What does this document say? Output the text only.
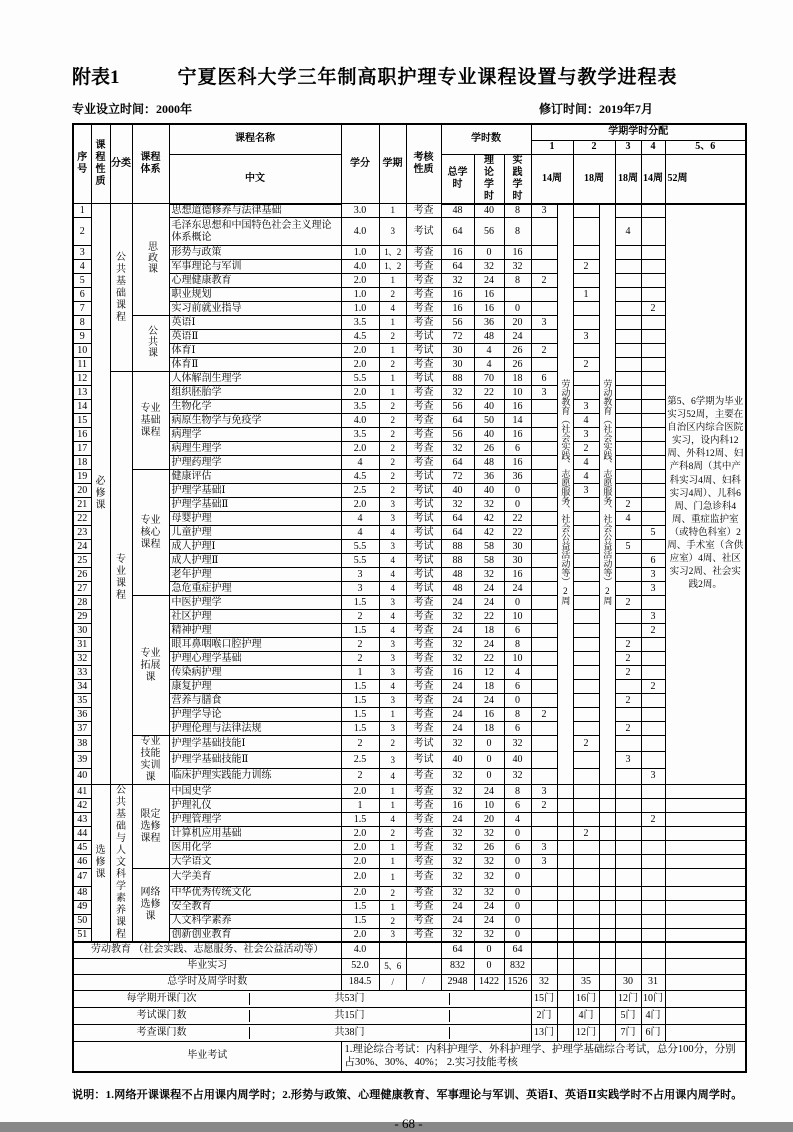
附表1	宁夏医科大学三年制高职护理专业课程设置与教学进程表
专业设立时间：2000年	修订时间：2019年7月
序号	课程性质	分类	课程体系	课程名称	学分	学期	考核性质	学时数			学期学时分配						
											1		2		3	4	5、6
				中文				总学时	理论学时	实践学时	14周		18周		18周	14周	52周
1	必修课	公共基础课程	思政课	思想道德修养与法律基础	3.0	1	考查	48	40	8	3	劳动教育（社会实践、志愿服务、社会公益活动等）2周		劳动教育（社会实践、志愿服务、社会公益活动等）2周			第5、6学期为毕业实习52周，主要在自治区内综合医院实习，设内科12周、外科12周、妇产科8周（其中产科实习4周、妇科实习4周）、儿科6周、门急诊科4周、重症监护室（或特色科室）2周、手术室（含供应室）4周、社区实习2周、社会实践2周。
2				毛泽东思想和中国特色社会主义理论体系概论	4.0	3	考试	64	56	8					4		
3				形势与政策	1.0	1、2	考查	16	0	16							
4				军事理论与军训	4.0	1、2	考查	64	32	32			2				
5				心理健康教育	2.0	1	考查	32	24	8	2						
6				职业规划	1.0	2	考查	16	16				1				
7				实习前就业指导	1.0	4	考查	16	16	0						2	
8			公共课	英语Ⅰ	3.5	1	考查	56	36	20	3						
9				英语Ⅱ	4.5	2	考试	72	48	24			3				
10				体育Ⅰ	2.0	1	考试	30	4	26	2						
11				体育Ⅱ	2.0	2	考查	30	4	26			2				
12		专业课程	专业基础课程	人体解剖生理学	5.5	1	考试	88	70	18	6						
13				组织胚胎学	2.0	1	考查	32	22	10	3						
14				生物化学	3.5	2	考查	56	40	16			3				
15				病原生物学与免疫学	4.0	2	考查	64	50	14			4				
16				病理学	3.5	2	考查	56	40	16			3				
17				病理生理学	2.0	2	考查	32	26	6			2				
18				护理药理学	4	2	考查	64	48	16			4				
19			专业核心课程	健康评估	4.5	2	考试	72	36	36			4				
20				护理学基础Ⅰ	2.5	2	考试	40	40	0			3				
21				护理学基础Ⅱ	2.0	3	考试	32	32	0					2		
22				母婴护理	4	3	考试	64	42	22					4		
23				儿童护理	4	4	考试	64	42	22						5	
24				成人护理Ⅰ	5.5	3	考试	88	58	30					5		
25				成人护理Ⅱ	5.5	4	考试	88	58	30						6	
26				老年护理	3	4	考试	48	32	16						3	
27				急危重症护理	3	4	考试	48	24	24						3	
28			专业拓展课	中医护理学	1.5	3	考查	24	24	0					2		
29				社区护理	2	4	考查	32	22	10						3	
30				精神护理	1.5	4	考查	24	18	6						2	
31				眼耳鼻咽喉口腔护理	2	3	考查	32	24	8					2		
32				护理心理学基础	2	3	考查	32	22	10					2		
33				传染病护理	1	3	考查	16	12	4					2		
34				康复护理	1.5	4	考查	24	18	6						2	
35				营养与膳食	1.5	3	考查	24	24	0					2		
36				护理学导论	1.5	1	考查	24	16	8	2						
37				护理伦理与法律法规	1.5	3	考查	24	18	6					2		
38			专业技能实训课	护理学基础技能Ⅰ	2	2	考试	32	0	32			2				
39				护理学基础技能Ⅱ	2.5	3	考试	40	0	40					3		
40				临床护理实践能力训练	2	4	考查	32	0	32						3	
41	选修课	公共基础与人文科学素养课程	限定选修课程	中国史学	2.0	1	考查	32	24	8	3						
42				护理礼仪	1	1	考查	16	10	6	2						
43				护理管理学	1.5	4	考查	24	20	4						2	
44				计算机应用基础	2.0	2	考查	32	32	0			2				
45				医用化学	2.0	1	考查	32	26	6	3						
46				大学语文	2.0	1	考查	32	32	0	3						
47			网络选修课	大学美育	2.0	1	考查	32	32	0							
48				中华优秀传统文化	2.0	2	考查	32	32	0							
49				安全教育	1.5	1	考查	24	24	0							
50				人文科学素养	1.5	2	考查	24	24	0							
51				创新创业教育	2.0	3	考查	32	32	0							
劳动教育 （社会实践、志愿服务、社会公益活动等）					4.0			64	0	64							
毕业实习					52.0	5、6		832	0	832							
总学时及周学时数					184.5	/	/	2948	1422	1526	32		35		30	31	

每学期开课门次 共53门											15门		16门		12门	10门	

考试课门数 共15门											2门		4门		5门	4门	

考查课门数 共38门											13门		12门		7门	6门	
毕业考试					1.理论综合考试：内科护理学、外科护理学、护理学基础综合考试，总分100分，分别占30%、30%、40%； 2.实习技能考核												
说明：1.网络开课课程不占用课内周学时；2.形势与政策、心理健康教育、军事理论与军训、英语Ⅰ、英语Ⅱ实践学时不占用课内周学时。
- 68 -
